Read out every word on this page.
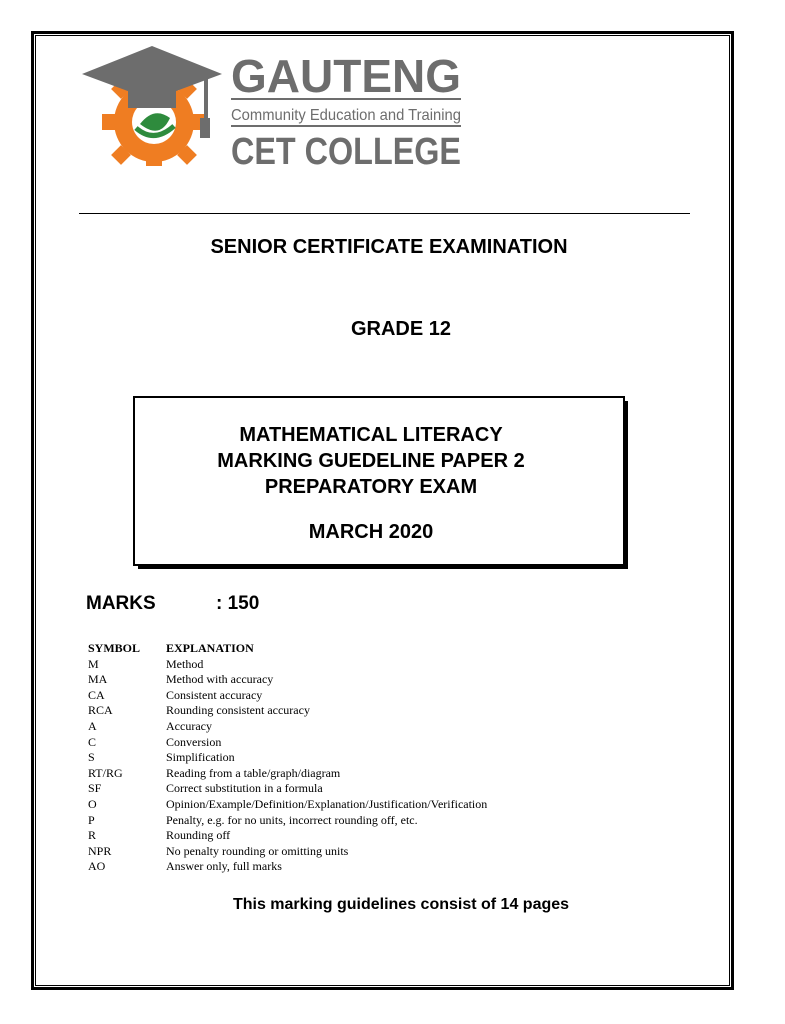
GAUTENG
Community Education and Training
CET COLLEGE
SENIOR CERTIFICATE EXAMINATION
GRADE 12
MATHEMATICAL LITERACY
MARKING GUEDELINE PAPER 2
PREPARATORY EXAM
MARCH 2020
MARKS	: 150
SYMBOL	EXPLANATION
M	Method
MA	Method with accuracy
CA	Consistent accuracy
RCA	Rounding consistent accuracy
A	Accuracy
C	Conversion
S	Simplification
RT/RG	Reading from a table/graph/diagram
SF	Correct substitution in a formula
O	Opinion/Example/Definition/Explanation/Justification/Verification
P	Penalty, e.g. for no units, incorrect rounding off, etc.
R	Rounding off
NPR	No penalty rounding or omitting units
AO	Answer only, full marks
This marking guidelines consist of 14 pages
